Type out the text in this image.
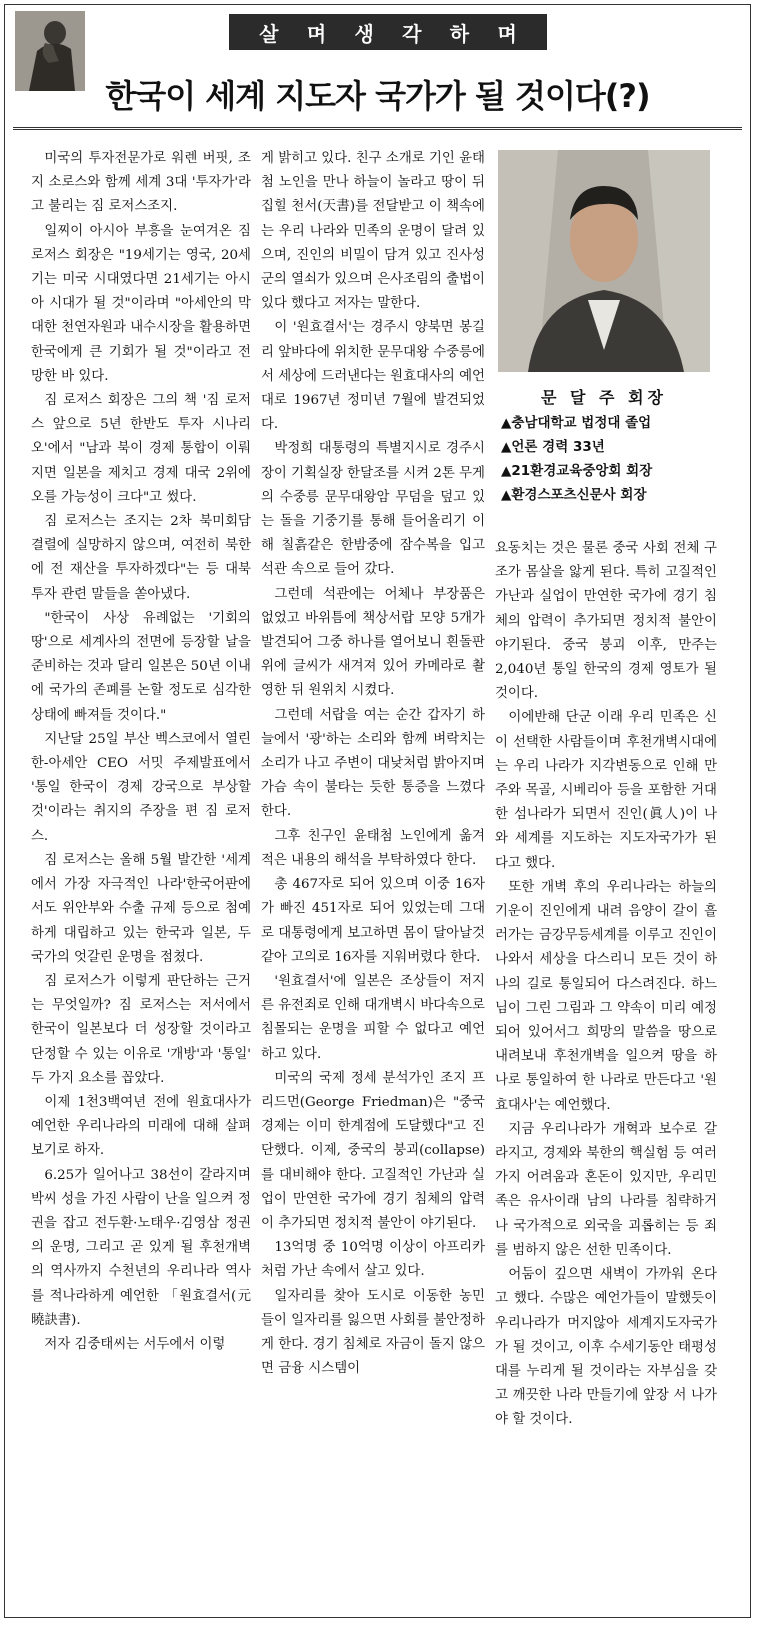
살 며 생 각 하 며
한국이 세계 지도자 국가가 될 것이다(?)

미국의 투자전문가로 워렌 버핏, 조지 소로스와 함께 세계 3대 '투자가'라고 불리는 짐 로저스조지.

일찌이 아시아 부흥을 눈여겨온 짐 로저스 회장은 "19세기는 영국, 20세기는 미국 시대였다면 21세기는 아시아 시대가 될 것"이라며 "아세안의 막대한 천연자원과 내수시장을 활용하면 한국에게 큰 기회가 될 것"이라고 전망한 바 있다.

짐 로저스 회장은 그의 책 '짐 로저스 앞으로 5년 한반도 투자 시나리오'에서 "남과 북이 경제 통합이 이뤄지면 일본을 제치고 경제 대국 2위에 오를 가능성이 크다"고 썼다.

짐 로저스는 조지는 2차 북미회담 결렬에 실망하지 않으며, 여전히 북한에 전 재산을 투자하겠다"는 등 대북 투자 관련 말들을 쏟아냈다.

"한국이 사상 유례없는 '기회의 땅'으로 세계사의 전면에 등장할 날을 준비하는 것과 달리 일본은 50년 이내에 국가의 존폐를 논할 정도로 심각한 상태에 빠져들 것이다."

지난달 25일 부산 벡스코에서 열린 한-아세안 CEO 서밋 주제발표에서 '통일 한국이 경제 강국으로 부상할 것'이라는 취지의 주장을 편 짐 로저스.

짐 로저스는 올해 5월 발간한 '세계에서 가장 자극적인 나라'한국어판에서도 위안부와 수출 규제 등으로 첨예하게 대립하고 있는 한국과 일본, 두 국가의 엇갈린 운명을 점쳤다.

짐 로저스가 이렇게 판단하는 근거는 무엇일까? 짐 로저스는 저서에서 한국이 일본보다 더 성장할 것이라고 단정할 수 있는 이유로 '개방'과 '통일' 두 가지 요소를 꼽았다.

이제 1천3백여년 전에 원효대사가 예언한 우리나라의 미래에 대해 살펴보기로 하자.

6.25가 일어나고 38선이 갈라지며 박씨 성을 가진 사람이 난을 일으켜 정권을 잡고 전두환·노태우·김영삼 정권의 운명, 그리고 곧 있게 될 후천개벽의 역사까지 수천년의 우리나라 역사를 적나라하게 예언한 「원효결서(元曉訣書).

저자 김중태씨는 서두에서 이렇

게 밝히고 있다. 친구 소개로 기인 윤태첨 노인을 만나 하늘이 놀라고 땅이 뒤집힐 천서(天書)를 전달받고 이 책속에는 우리 나라와 민족의 운명이 달려 있으며, 진인의 비밀이 담겨 있고 진사성군의 열쇠가 있으며 은사조림의 출법이 있다 했다고 저자는 말한다.

이 '원효결서'는 경주시 양북면 봉길리 앞바다에 위치한 문무대왕 수중릉에서 세상에 드러낸다는 원효대사의 예언대로 1967년 정미년 7월에 발견되었다.

박정희 대통령의 특별지시로 경주시장이 기획실장 한달조를 시켜 2톤 무게의 수중릉 문무대왕암 무덤을 덮고 있는 돌을 기중기를 통해 들어올리기 이해 칠흙같은 한밤중에 잠수복을 입고 석관 속으로 들어 갔다.

그런데 석관에는 어체나 부장품은 없었고 바위틈에 책상서랍 모양 5개가 발견되어 그중 하나를 열어보니 흰돌판위에 글씨가 새겨져 있어 카메라로 촬영한 뒤 원위치 시켰다.

그런데 서랍을 여는 순간 갑자기 하늘에서 '광'하는 소리와 함께 벼락치는 소리가 나고 주변이 대낮처럼 밝아지며 가슴 속이 불타는 듯한 통증을 느꼈다 한다.

그후 친구인 윤태첨 노인에게 옮겨 적은 내용의 해석을 부탁하였다 한다.

총 467자로 되어 있으며 이중 16자가 빠진 451자로 되어 있었는데 그대로 대통령에게 보고하면 몸이 달아날것 같아 고의로 16자를 지워버렸다 한다.

'원효결서'에 일본은 조상들이 저지른 유전죄로 인해 대개벽시 바다속으로 침몰되는 운명을 피할 수 없다고 예언하고 있다.

미국의 국제 정세 분석가인 조지 프리드먼(George Friedman)은 "중국 경제는 이미 한계점에 도달했다"고 진단했다. 이제, 중국의 붕괴(collapse)를 대비해야 한다. 고질적인 가난과 실업이 만연한 국가에 경기 침체의 압력이 추가되면 정치적 불안이 야기된다.

13억명 중 10억명 이상이 아프리카처럼 가난 속에서 살고 있다.

일자리를 찾아 도시로 이동한 농민들이 일자리를 잃으면 사회를 불안정하게 한다. 경기 침체로 자금이 돌지 않으면 금융 시스템이

문 달 주 회장
▲ 충남대학교 법정대 졸업
▲ 언론 경력 33년
▲ 21환경교육중앙회 회장
▲ 환경스포츠신문사 회장

요동치는 것은 물론 중국 사회 전체 구조가 몸살을 앓게 된다. 특히 고질적인 가난과 실업이 만연한 국가에 경기 침체의 압력이 추가되면 정치적 불안이 야기된다. 중국 붕괴 이후, 만주는 2,040년 통일 한국의 경제 영토가 될 것이다.

이에반해 단군 이래 우리 민족은 신이 선택한 사람들이며 후천개벽시대에는 우리 나라가 지각변동으로 인해 만주와 목골, 시베리아 등을 포함한 거대한 섬나라가 되면서 진인(眞人)이 나와 세계를 지도하는 지도자국가가 된다고 했다.

또한 개벽 후의 우리나라는 하늘의 기운이 진인에게 내려 음양이 갈이 흘러가는 금강무등세계를 이루고 진인이 나와서 세상을 다스리니 모든 것이 하나의 길로 통일되어 다스려진다. 하느님이 그린 그림과 그 약속이 미리 예정되어 있어서그 희망의 말씀을 땅으로 내려보내 후천개벽을 일으켜 땅을 하나로 통일하여 한 나라로 만든다고 '원효대사'는 예언했다.

지금 우리나라가 개혁과 보수로 갈라지고, 경제와 북한의 핵실험 등 여러가지 어려움과 혼돈이 있지만, 우리민족은 유사이래 남의 나라를 침략하거나 국가적으로 외국을 괴롭히는 등 죄를 범하지 않은 선한 민족이다.

어둠이 깊으면 새벽이 가까워 온다고 했다. 수많은 예언가들이 말했듯이 우리나라가 머지않아 세계지도자국가가 될 것이고, 이후 수세기동안 태평성대를 누리게 될 것이라는 자부심을 갖고 깨끗한 나라 만들기에 앞장 서 나가야 할 것이다.
